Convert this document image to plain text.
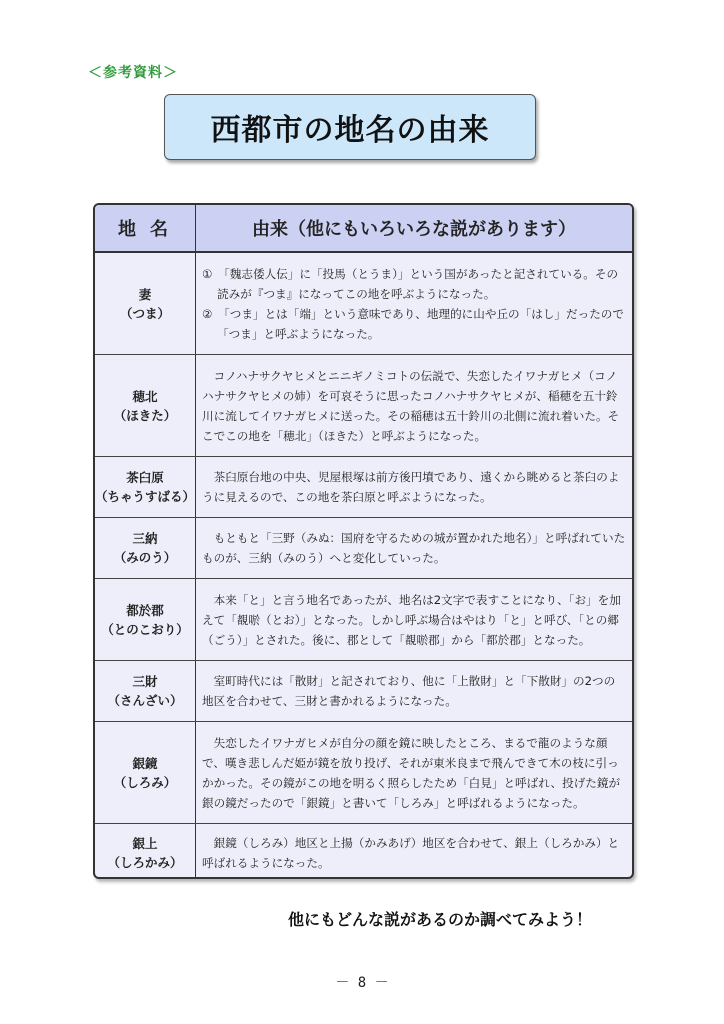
＜参考資料＞
西都市の地名の由来
地名	由来（他にもいろいろな説があります）
妻
（つま）

①　「魏志倭人伝」に「投馬（とうま）」という国があったと記されている。その読みが『つま』になってこの地を呼ぶようになった。

②　「つま」とは「端」という意味であり、地理的に山や丘の「はし」だったので「つま」と呼ぶようになった。

穂北
（ほきた）

コノハナサクヤヒメとニニギノミコトの伝説で、失恋したイワナガヒメ（コノハナサクヤヒメの姉）を可哀そうに思ったコノハナサクヤヒメが、稲穂を五十鈴川に流してイワナガヒメに送った。その稲穂は五十鈴川の北側に流れ着いた。そこでこの地を「穂北」（ほきた）と呼ぶようになった。

茶臼原
（ちゃうすばる）

茶臼原台地の中央、児屋根塚は前方後円墳であり、遠くから眺めると茶臼のように見えるので、この地を茶臼原と呼ぶようになった。

三納
（みのう）

もともと「三野（みぬ：国府を守るための城が置かれた地名）」と呼ばれていたものが、三納（みのう）へと変化していった。

都於郡
（とのこおり）

本来「と」と言う地名であったが、地名は2文字で表すことになり、「お」を加えて「覩唹（とお）」となった。しかし呼ぶ場合はやはり「と」と呼び、「との郷（ごう）」とされた。後に、郡として「覩唹郡」から「都於郡」となった。

三財
（さんざい）

室町時代には「散財」と記されており、他に「上散財」と「下散財」の2つの地区を合わせて、三財と書かれるようになった。

銀鏡
（しろみ）

失恋したイワナガヒメが自分の顔を鏡に映したところ、まるで龍のような顔で、嘆き悲しんだ姫が鏡を放り投げ、それが東米良まで飛んできて木の枝に引っかかった。その鏡がこの地を明るく照らしたため「白見」と呼ばれ、投げた鏡が銀の鏡だったので「銀鏡」と書いて「しろみ」と呼ばれるようになった。

銀上
（しろかみ）

銀鏡（しろみ）地区と上揚（かみあげ）地区を合わせて、銀上（しろかみ）と呼ばれるようになった。

他にもどんな説があるのか調べてみよう！
－ 8 －
